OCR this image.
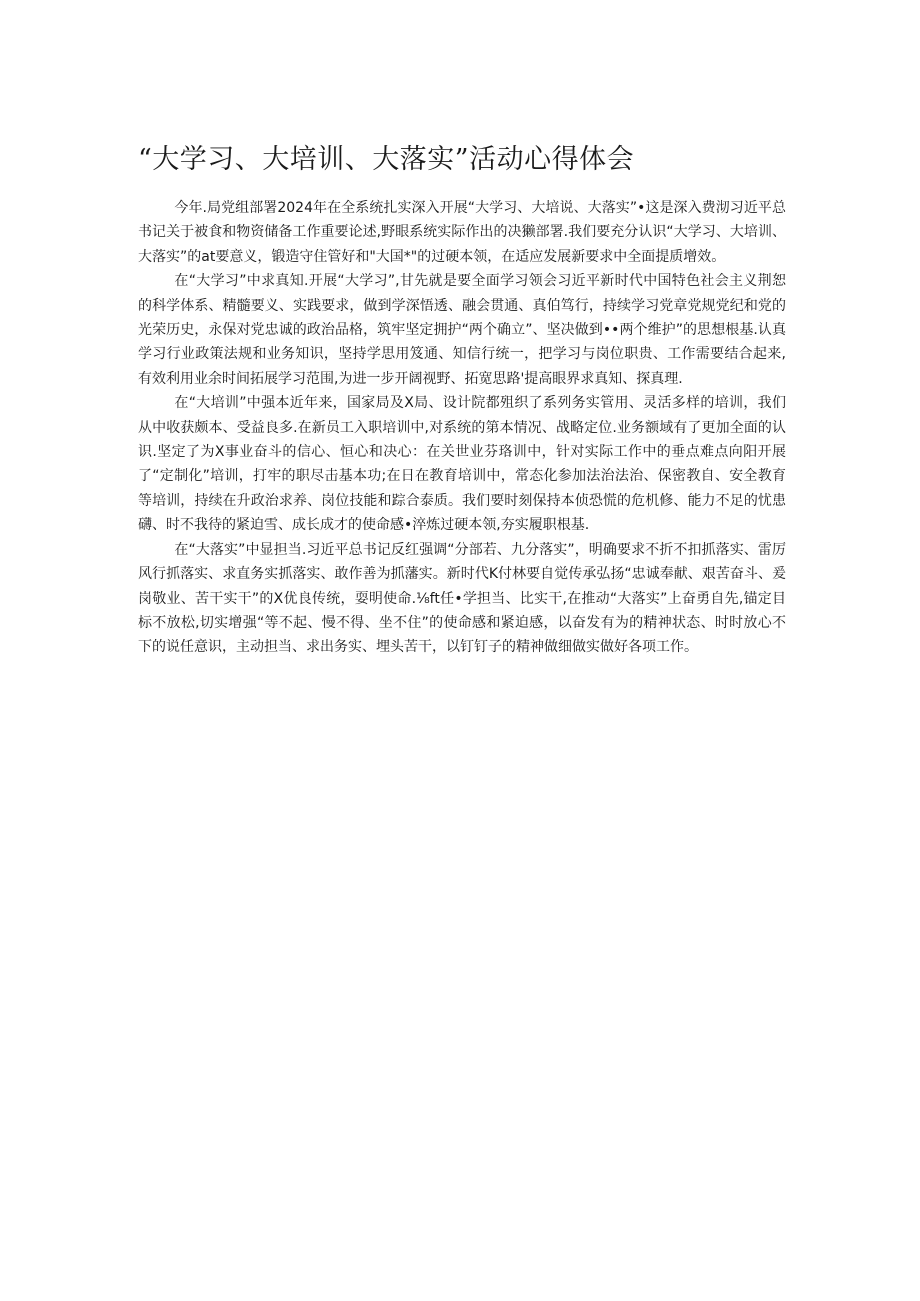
“大学习、大培训、大落实”活动心得体会

今年.局党组部署2024年在全系统扎实深入开展“大学习、大培说、大落实”•这是深入费沏习近平总书记关于被食和物资储备工作重要论述,野眼系统实际作出的决獭部署.我们要充分认识“大学习、大培训、大落实”的at要意义，锻造守住管好和"大国*"的过硬本领，在适应发展新要求中全面提质增效。

在“大学习”中求真知.开展“大学习”,甘先就是要全面学习领会习近平新时代中国特色社会主义荆恕的科学体系、精髓要义、实践要求，做到学深悟透、融会贯通、真伯笃行，持续学习党章党规党纪和党的光荣历史，永保对党忠诚的政治品格，筑牢坚定拥护“两个确立”、坚决做到••两个维护”的思想根基.认真学习行业政策法规和业务知识，坚持学思用笈通、知信行统一，把学习与岗位职贵、工作需要结合起来,有效利用业余时间拓展学习范围,为进一步开阔视野、拓宽思路'提高眼界求真知、探真理.

在“大培训”中强本近年来，国家局及X局、设计院都殂织了系列务实管用、灵活多样的培训，我们从中收获颇本、受益良多.在新员工入职培训中,对系统的第本情况、战略定位.业务额域有了更加全面的认识.坚定了为X事业奋斗的信心、恒心和决心：在关世业芬珞训中，针对实际工作中的垂点难点向阳开展了“定制化”培训，打牢的职尽击基本功;在日在教育培训中，常态化参加法治法治、保密教自、安全教育等培训，持续在升政治求养、岗位技能和踪合泰质。我们要时刻保持本侦恐慌的危机修、能力不足的忧患礴、时不我待的紧迫雪、成长成才的使命感•淬炼过硬本领,夯实履职根基.

在“大落实”中显担当.习近平总书记反红强调“分部若、九分落实”，明确要求不折不扣抓落实、雷厉风行抓落实、求直务实抓落实、敢作善为抓藩实。新时代K付林要自觉传承弘扬“忠诚奉献、艰苦奋斗、爰岗敬业、苦干实干”的X优良传统，耍明使命.⅛ft任•学担当、比实干,在推动“大落实”上奋勇自先,锚定目标不放松,切实增强“等不起、慢不得、坐不住”的使命感和紧迫感，以奋发有为的精神状态、时时放心不下的说任意识，主动担当、求出务实、埋头苦干，以钉钉子的精神做细做实做好各项工作。
